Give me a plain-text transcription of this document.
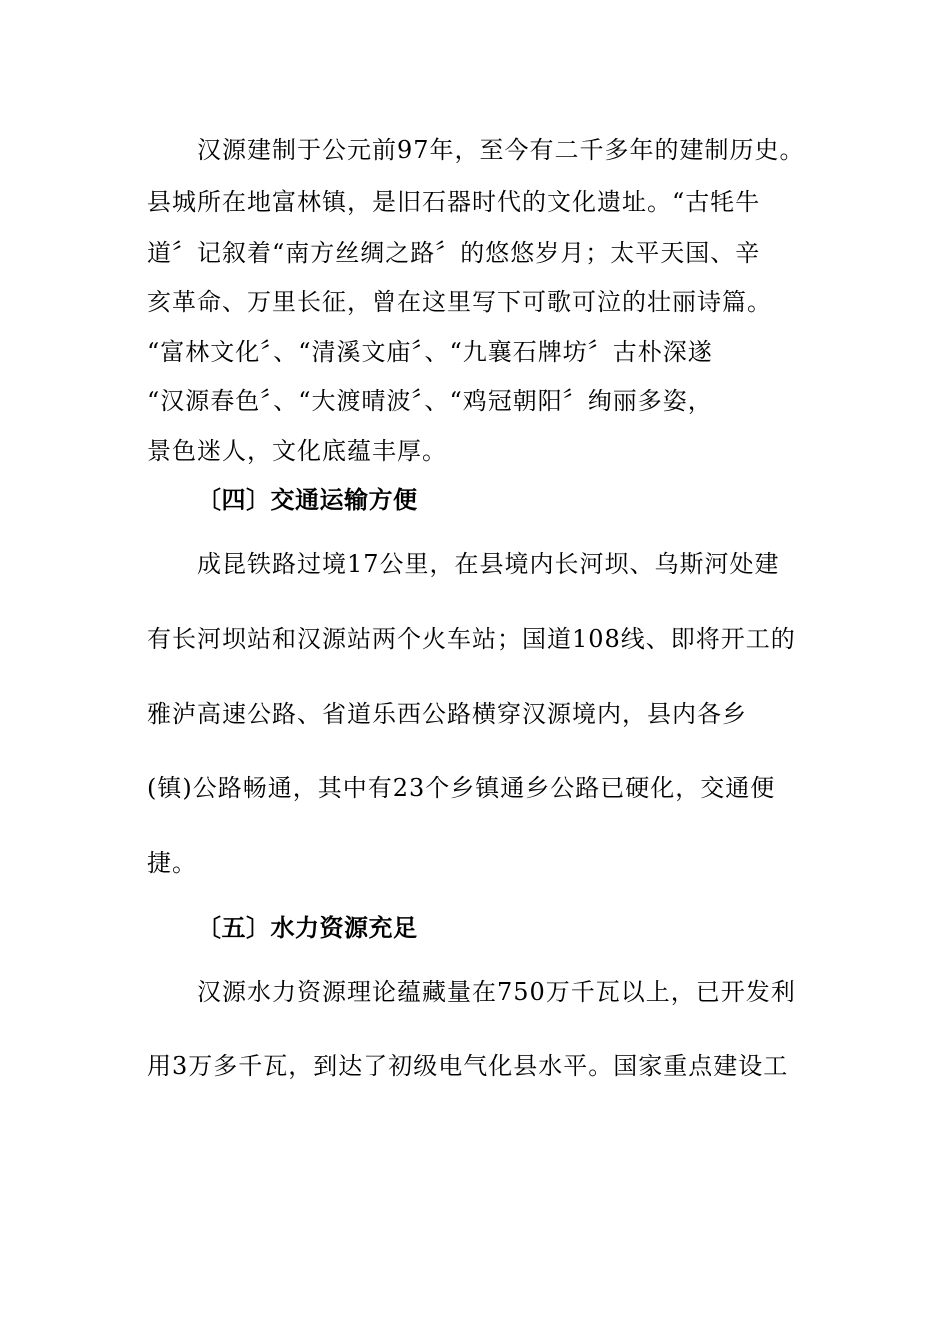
汉源建制于公元前97年，至今有二千多年的建制历史。
县城所在地富林镇，是旧石器时代的文化遗址。“古牦牛
道〞记叙着“南方丝绸之路〞的悠悠岁月；太平天国、辛
亥革命、万里长征，曾在这里写下可歌可泣的壮丽诗篇。
“富林文化〞、“清溪文庙〞、“九襄石牌坊〞古朴深遂
“汉源春色〞、“大渡晴波〞、“鸡冠朝阳〞绚丽多姿，
景色迷人，文化底蕴丰厚。
〔四〕交通运输方便
成昆铁路过境17公里，在县境内长河坝、乌斯河处建
有长河坝站和汉源站两个火车站；国道108线、即将开工的
雅泸高速公路、省道乐西公路横穿汉源境内，县内各乡
(镇)公路畅通，其中有23个乡镇通乡公路已硬化，交通便
捷。
〔五〕水力资源充足
汉源水力资源理论蕴藏量在750万千瓦以上，已开发利
用3万多千瓦，到达了初级电气化县水平。国家重点建设工
